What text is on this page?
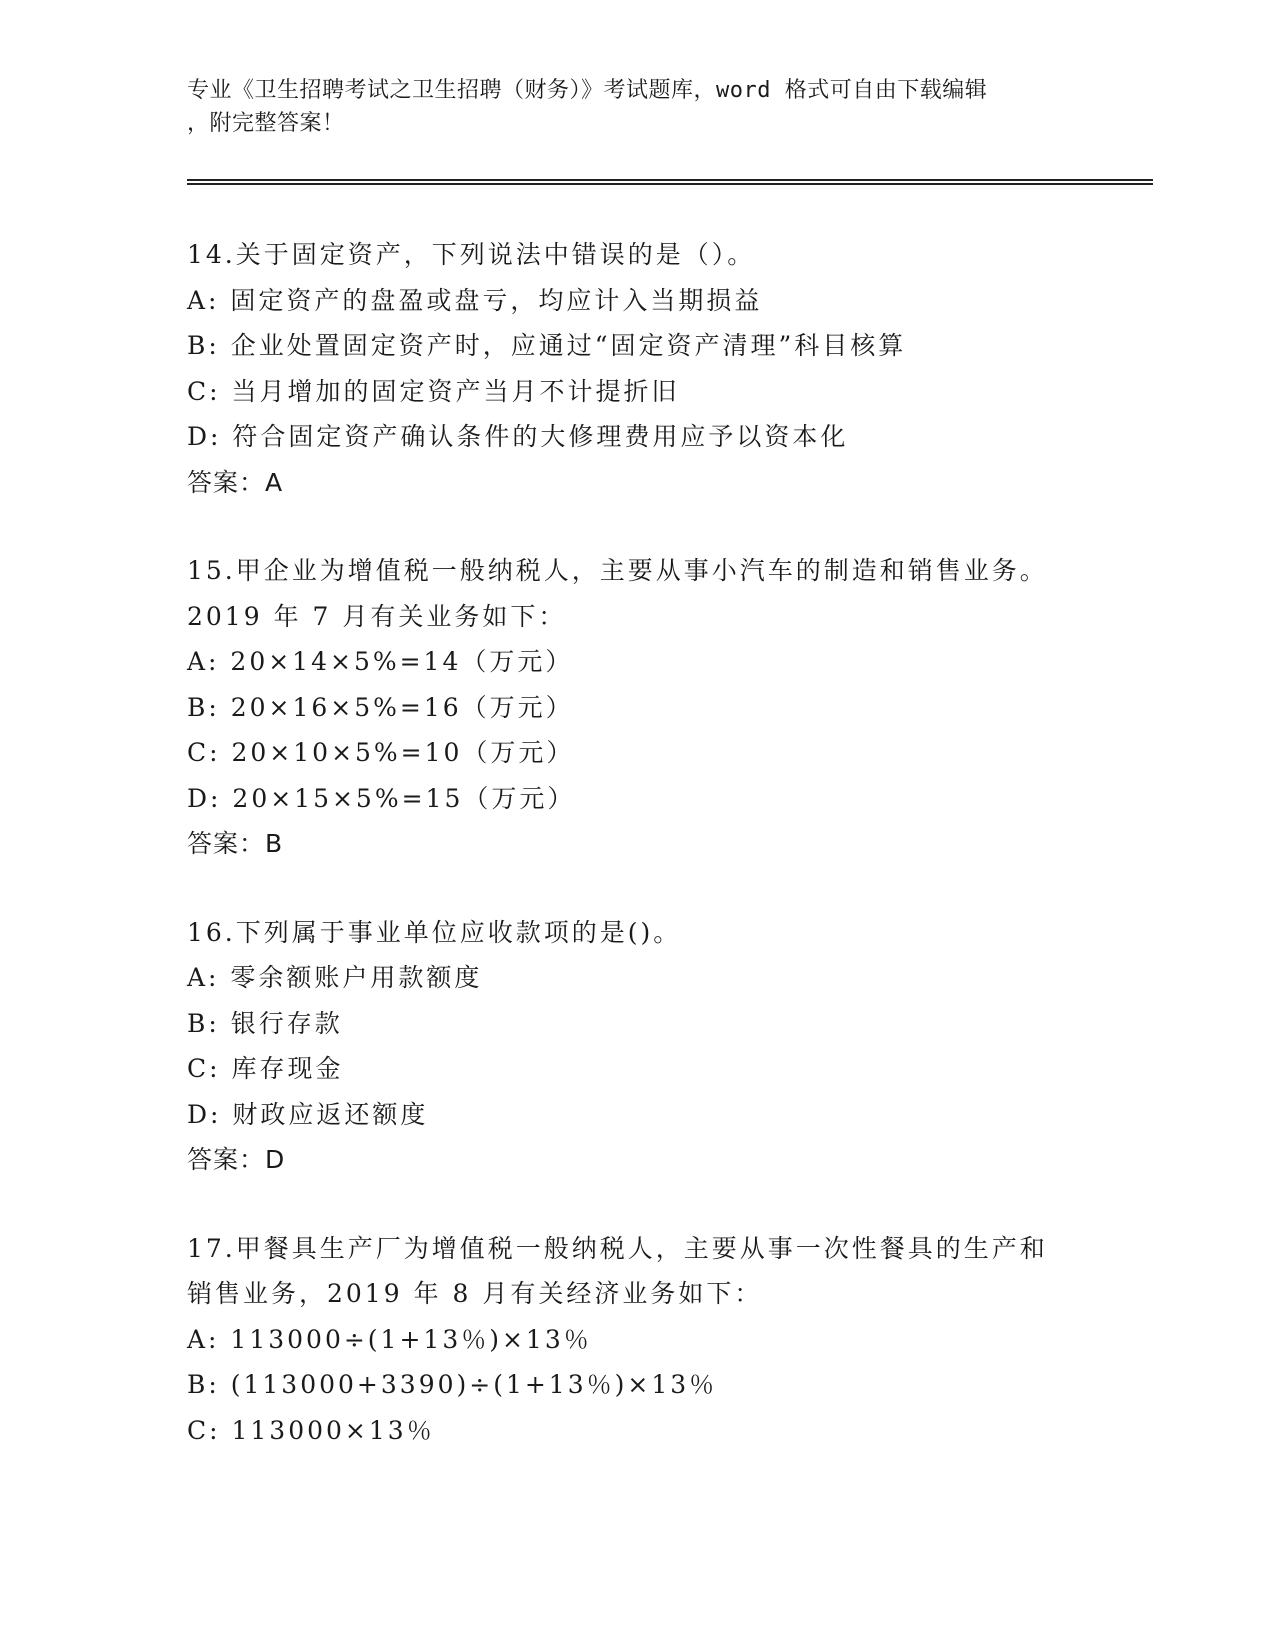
专业《卫生招聘考试之卫生招聘（财务）》考试题库，word 格式可自由下载编辑
，附完整答案！
14.关于固定资产，下列说法中错误的是（）。
A: 固定资产的盘盈或盘亏，均应计入当期损益
B: 企业处置固定资产时，应通过“固定资产清理”科目核算
C: 当月增加的固定资产当月不计提折旧
D: 符合固定资产确认条件的大修理费用应予以资本化
答案：A
15.甲企业为增值税一般纳税人，主要从事小汽车的制造和销售业务。
2019 年 7 月有关业务如下：
A: 20×14×5%=14（万元）
B: 20×16×5%=16（万元）
C: 20×10×5%=10（万元）
D: 20×15×5%=15（万元）
答案：B
16.下列属于事业单位应收款项的是()。
A: 零余额账户用款额度
B: 银行存款
C: 库存现金
D: 财政应返还额度
答案：D
17.甲餐具生产厂为增值税一般纳税人，主要从事一次性餐具的生产和
销售业务，2019 年 8 月有关经济业务如下：
A: 113000÷(1+13％)×13％
B: (113000+3390)÷(1+13％)×13％
C: 113000×13％
